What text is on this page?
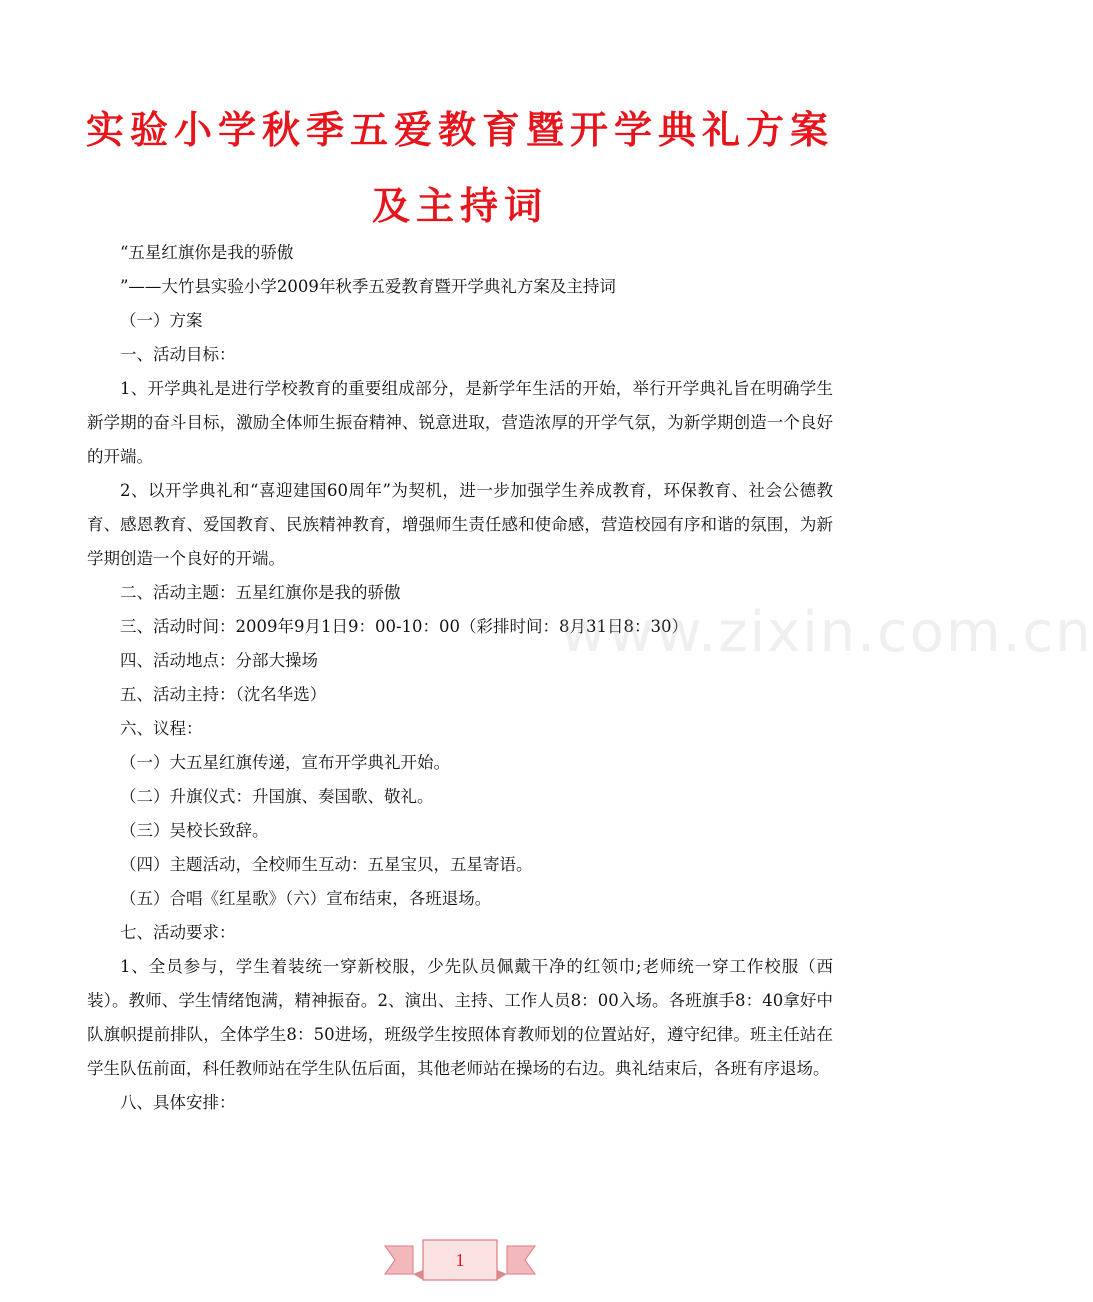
实验小学秋季五爱教育暨开学典礼方案及主持词

“五星红旗你是我的骄傲

”——大竹县实验小学2009年秋季五爱教育暨开学典礼方案及主持词

（一）方案

一、活动目标：

1、开学典礼是进行学校教育的重要组成部分，是新学年生活的开始，举行开学典礼旨在明确学生新学期的奋斗目标，激励全体师生振奋精神、锐意进取，营造浓厚的开学气氛，为新学期创造一个良好的开端。

2、以开学典礼和“喜迎建国60周年”为契机，进一步加强学生养成教育，环保教育、社会公德教育、感恩教育、爱国教育、民族精神教育，增强师生责任感和使命感，营造校园有序和谐的氛围，为新学期创造一个良好的开端。

二、活动主题：五星红旗你是我的骄傲

三、活动时间：2009年9月1日9：00-10：00（彩排时间：8月31日8：30）

四、活动地点：分部大操场

五、活动主持：（沈名华选）

六、议程：

（一）大五星红旗传递，宣布开学典礼开始。

（二）升旗仪式：升国旗、奏国歌、敬礼。

（三）吴校长致辞。

（四）主题活动，全校师生互动：五星宝贝，五星寄语。

（五）合唱《红星歌》（六）宣布结束，各班退场。

七、活动要求：

1、全员参与，学生着装统一穿新校服，少先队员佩戴干净的红领巾;老师统一穿工作校服（西装）。教师、学生情绪饱满，精神振奋。2、演出、主持、工作人员8：00入场。各班旗手8：40拿好中队旗帜提前排队，全体学生8：50进场，班级学生按照体育教师划的位置站好，遵守纪律。班主任站在学生队伍前面，科任教师站在学生队伍后面，其他老师站在操场的右边。典礼结束后，各班有序退场。

八、具体安排：

www.zixin.com.cn
1
